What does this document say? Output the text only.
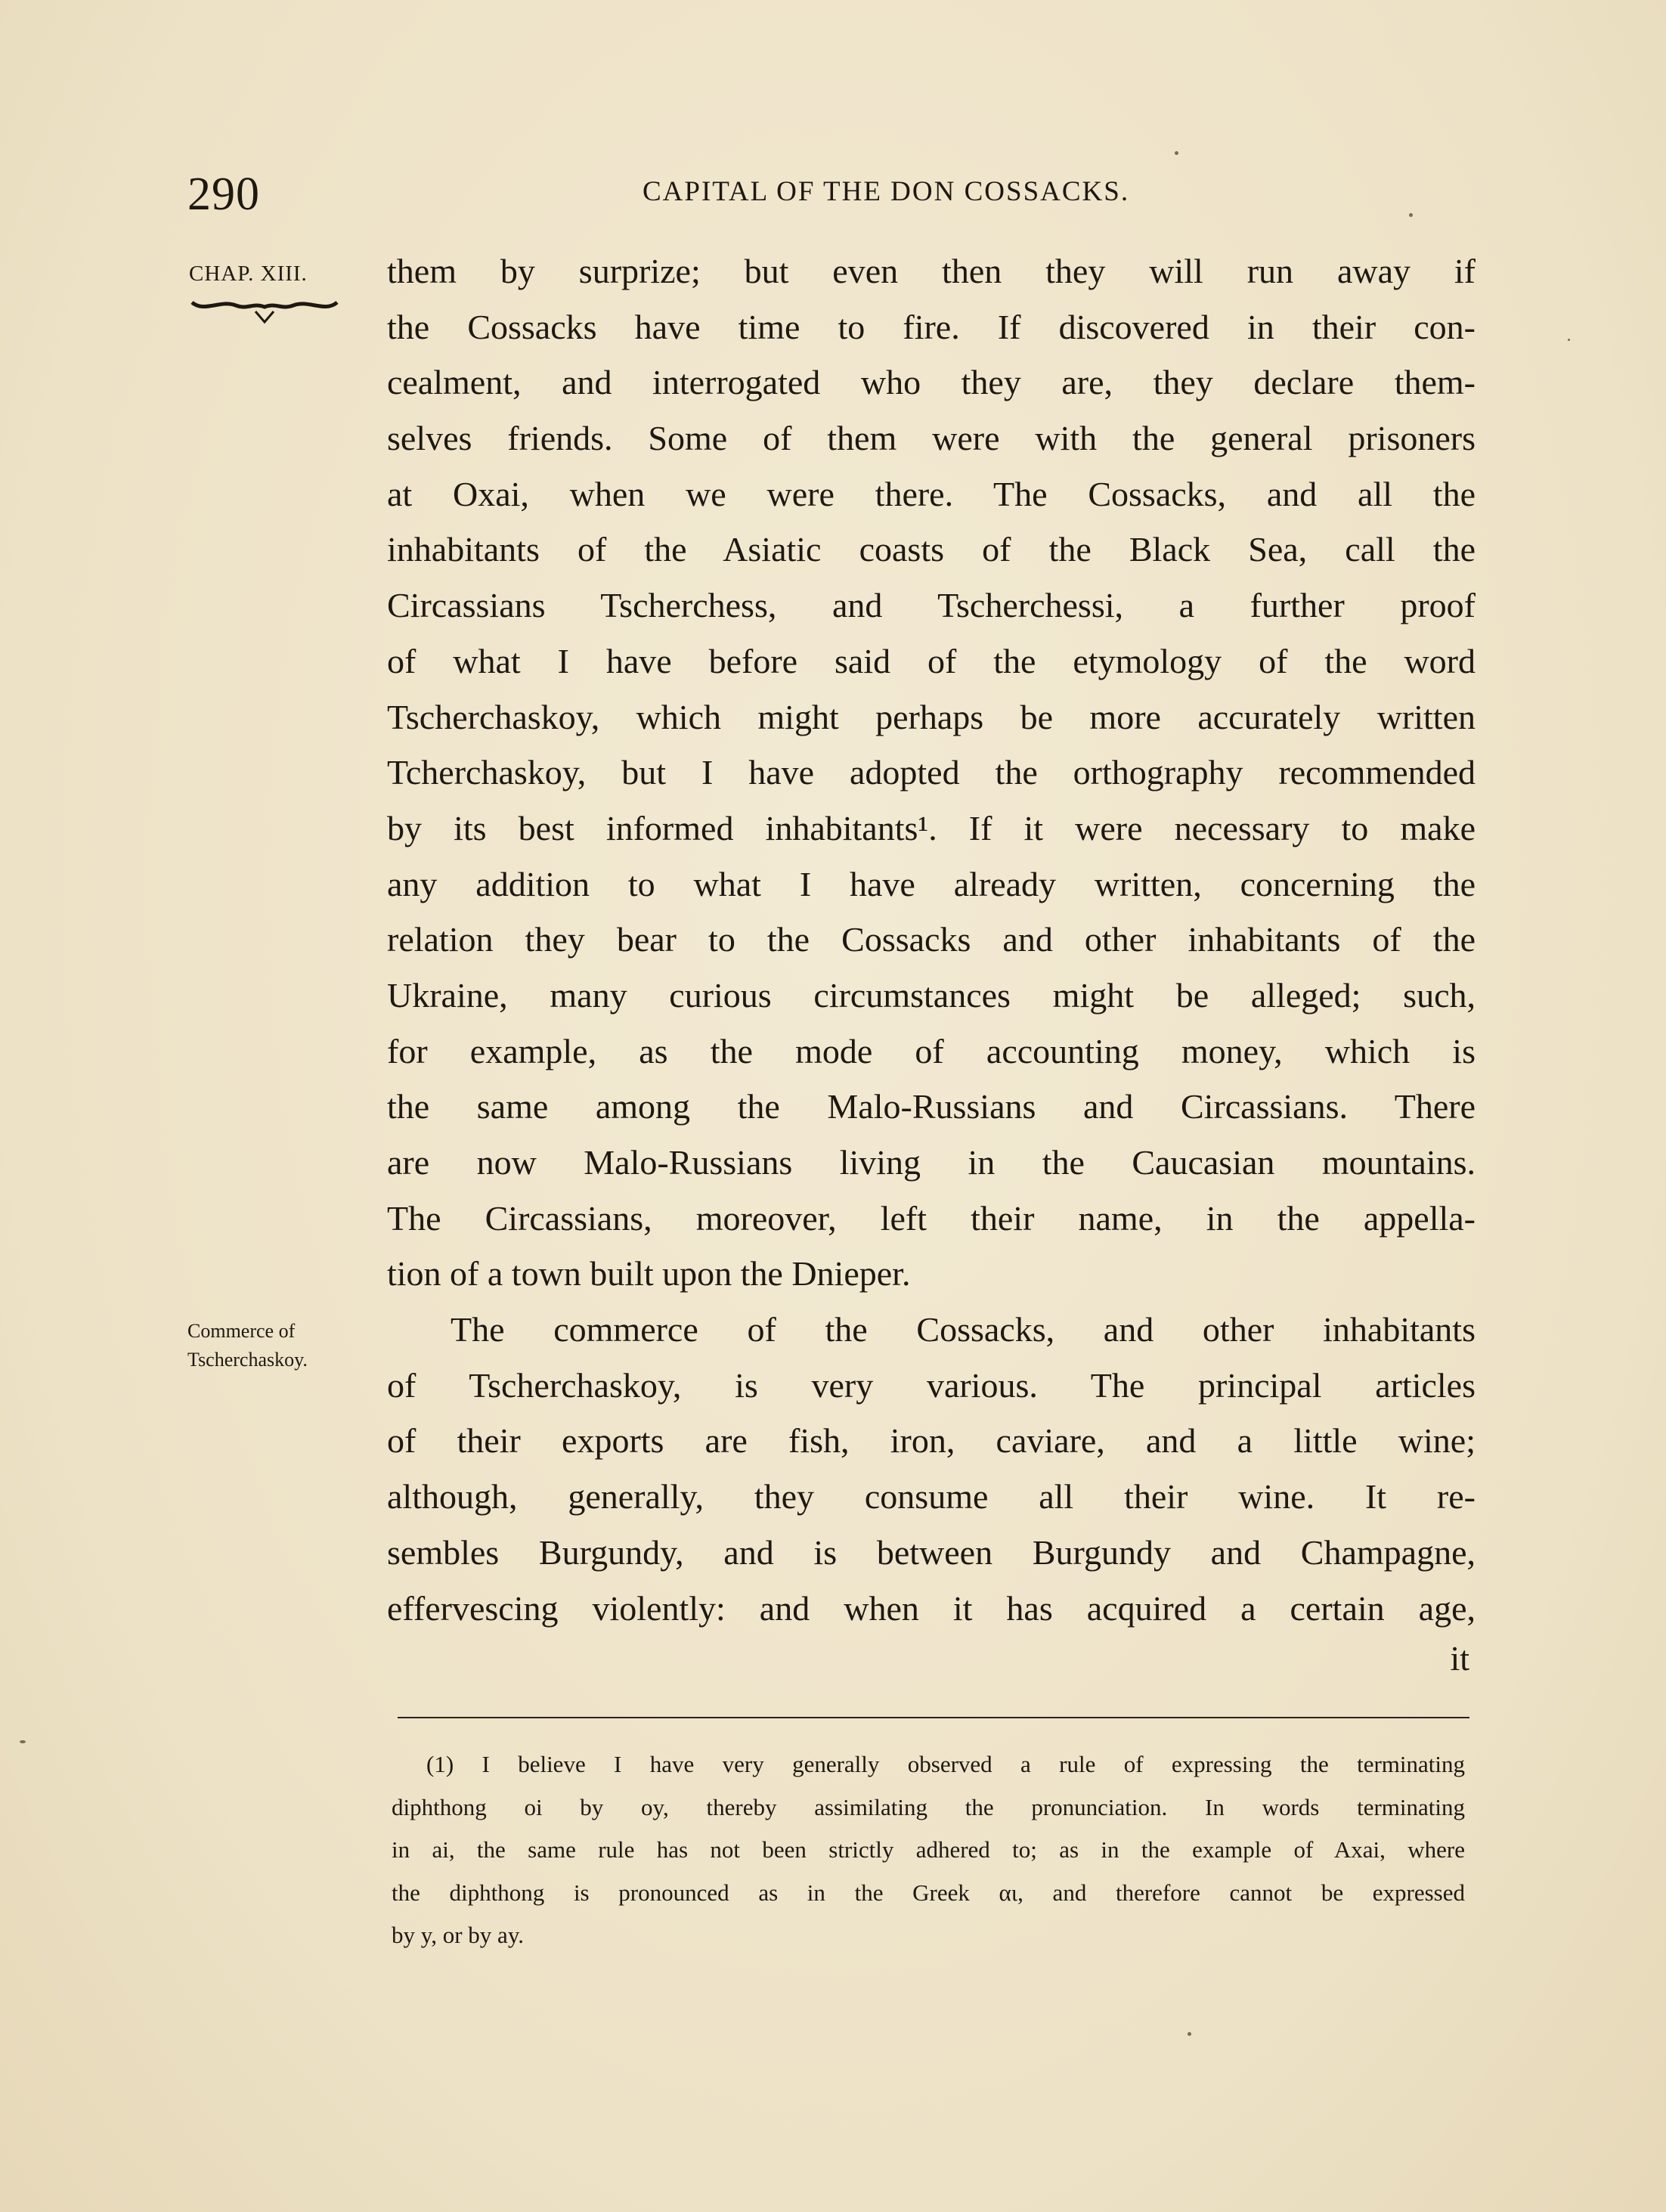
290	CAPITAL OF THE DON COSSACKS.
CHAP. XIII.
Commerce of
Tscherchaskoy.
them by surprize; but even then they will run away if
the Cossacks have time to fire. If discovered in their con-
cealment, and interrogated who they are, they declare them-
selves friends. Some of them were with the general prisoners
at Oxai, when we were there. The Cossacks, and all the
inhabitants of the Asiatic coasts of the Black Sea, call the
Circassians Tscherchess, and Tscherchessi, a further proof
of what I have before said of the etymology of the word
Tscherchaskoy, which might perhaps be more accurately written
Tcherchaskoy, but I have adopted the orthography recommended
by its best informed inhabitants¹. If it were necessary to make
any addition to what I have already written, concerning the
relation they bear to the Cossacks and other inhabitants of the
Ukraine, many curious circumstances might be alleged; such,
for example, as the mode of accounting money, which is
the same among the Malo-Russians and Circassians. There
are now Malo-Russians living in the Caucasian mountains.
The Circassians, moreover, left their name, in the appella-
tion of a town built upon the Dnieper.
The commerce of the Cossacks, and other inhabitants
of Tscherchaskoy, is very various. The principal articles
of their exports are fish, iron, caviare, and a little wine;
although, generally, they consume all their wine. It re-
sembles Burgundy, and is between Burgundy and Champagne,
effervescing violently: and when it has acquired a certain age,
it
(1) I believe I have very generally observed a rule of expressing the terminating
diphthong oi by oy, thereby assimilating the pronunciation. In words terminating
in ai, the same rule has not been strictly adhered to; as in the example of Axai, where
the diphthong is pronounced as in the Greek αι, and therefore cannot be expressed
by y, or by ay.
